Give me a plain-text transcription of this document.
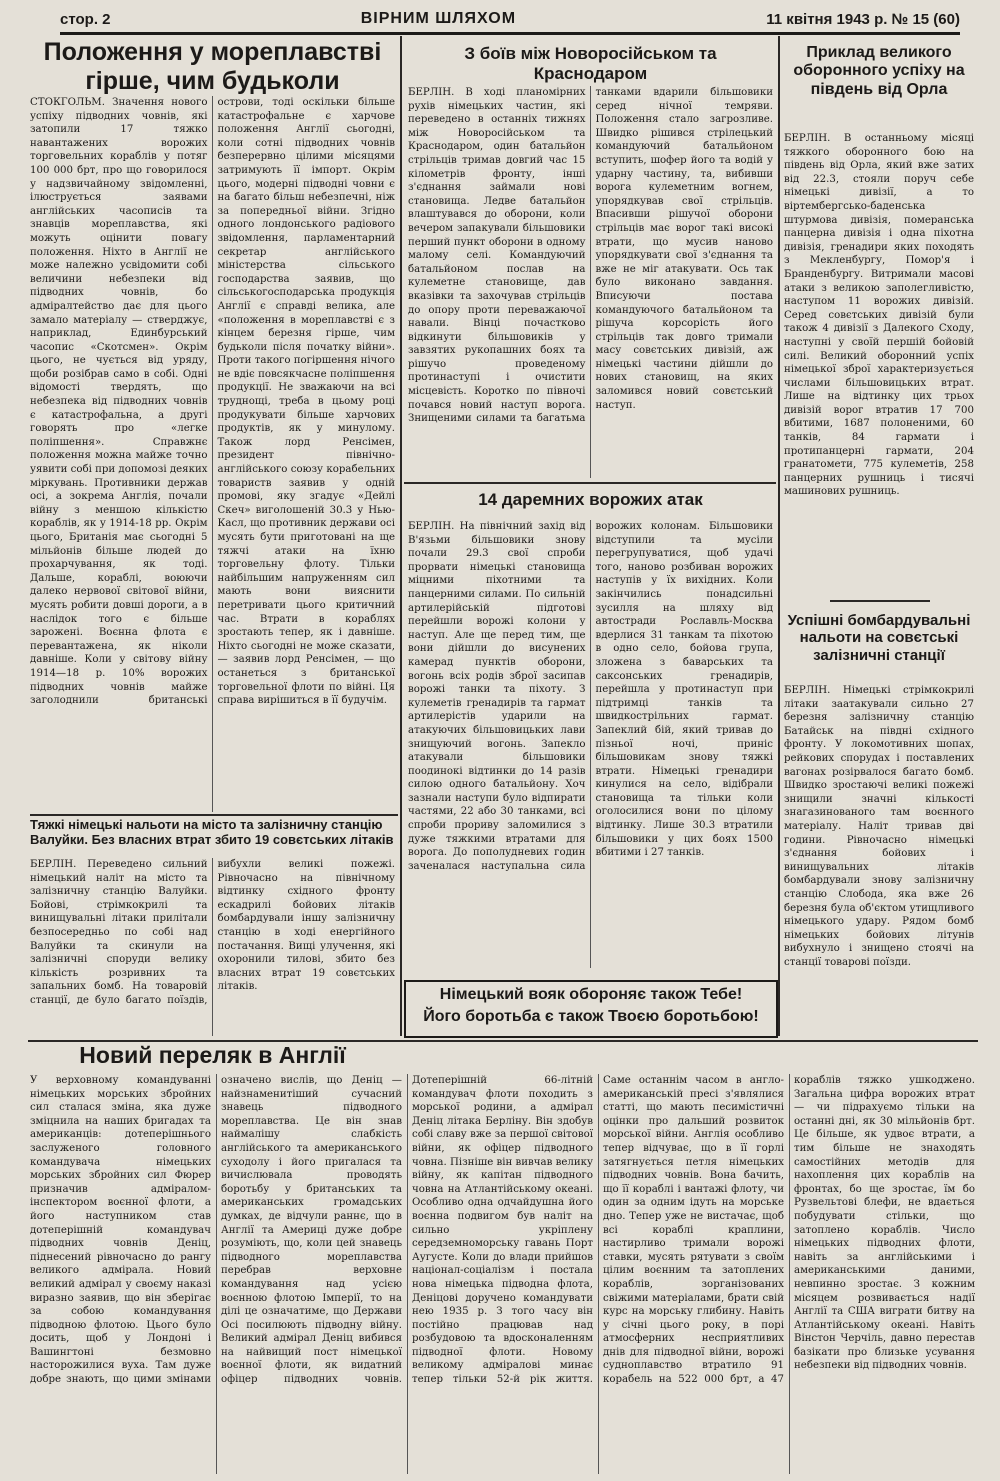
стор. 2	ВІРНИМ ШЛЯХОМ	11 квітня 1943 р. № 15 (60)
Положення у мореплавстві гірше, чим будьколи
СТОКГОЛЬМ. Значення нового успіху підводних човнів, які затопили 17 тяжко навантажених ворожих торговельних кораблів у потяг 100 000 брт, про що говорилося у надзвичайному звідомленні, ілюструється заявами англійських часописів та знавців мореплавства, які можуть оцінити повагу положення. Ніхто в Англії не може належно усвідомити собі величини небезпеки від підводних човнів, бо адміралтейство дає для цього замало матеріалу — стверджує, наприклад, Единбурський часопис «Скотсмен». Окрім цього, не чується від уряду, щоби розібрав само в собі. Одні відомості твердять, що небезпека від підводних човнів є катастрофальна, а другі говорять про «легке поліпшення». Справжнє положення можна майже точно уявити собі при допомозі деяких міркувань. Противники держав осі, а зокрема Англія, почали війну з меншою кількістю кораблів, як у 1914-18 рр. Окрім цього, Британія має сьогодні 5 мільйонів більше людей до прохарчування, як тоді. Дальше, кораблі, воюючи далеко нервової світової війни, мусять робити довші дороги, а в наслідок того є більше зарожені. Воєнна флота є перевантажена, як ніколи давніше. Коли у світову війну 1914—18 р. 10% ворожих підводних човнів майже заголоднили британські острови, тоді оскільки більше катастрофальне є харчове положення Англії сьогодні, коли сотні підводних човнів безперервно цілими місяцями затримують її імпорт. Окрім цього, модерні підводні човни є на багато більш небезпечні, ніж за попередньої війни. Згідно одного лондонського радіового звідомлення, парламентарний секретар англійського міністерства сільського господарства заявив, що сільськогосподарська продукція Англії є справді велика, але «положення в мореплавстві є з кінцем березня гірше, чим будьколи після початку війни». Проти такого погіршення нічого не вдіє повсякчасне поліпшення продукції. Не зважаючи на всі труднощі, треба в цьому році продукувати більше харчових продуктів, як у минулому. Також лорд Ренсімен, президент північно-англійського союзу корабельних товариств заявив у одній промові, яку згадує «Дейлі Скеч» виголошеній 30.3 у Нью-Касл, що противник держави осі мусять бути приготовані на ще тяжчі атаки на їхню торговельну флоту. Тільки найбільшим напруженням сил мають вони вияснити перетривати цього критичний час. Втрати в кораблях зростають тепер, як і давніше. Ніхто сьогодні не може сказати, — заявив лорд Ренсімен, — що останеться з британської торговельної флоти по війні. Ця справа вирішиться в її будучім.
Тяжкі німецькі нальоти на місто та залізничну станцію Валуйки. Без власних втрат збито 19 совєтських літаків
БЕРЛІН. Переведено сильний німецький наліт на місто та залізничну станцію Валуйки. Бойові, стрімкокрилі та винищувальні літаки прилітали безпосередньо по собі над Валуйки та скинули на залізничні споруди велику кількість розривних та запальних бомб. На товаровій станції, де було багато поїздів, вибухли великі пожежі. Рівночасно на північному відтинку східного фронту ескадрилі бойових літаків бомбардували іншу залізничну станцію в ході енергійного постачання. Вищі улучення, які охоронили тилові, збито без власних втрат 19 совєтських літаків.
З боїв між Новоросійськом та Краснодаром
БЕРЛІН. В ході планомірних рухів німецьких частин, які переведено в останніх тижнях між Новоросійськом та Краснодаром, один батальйон стрільців тримав довгий час 15 кілометрів фронту, інші з'єднання займали нові становища. Ледве батальйон влаштувався до оборони, коли вечером запакували більшовики перший пункт оборони в одному малому селі. Командуючий батальйоном послав на кулеметне становище, дав вказівки та захочував стрільців до опору проти переважаючої навали. Вінці почастково відкинути більшовиків у завзятих рукопашних боях та рішучо проведеному протинаступі і очистити місцевість. Коротко по півночі почався новий наступ ворога. Знищеними силами та багатьма танками вдарили більшовики серед нічної темряви. Положення стало загрозливе. Швидко рішився стрілецький командуючий батальйоном вступить, шофер його та водій у ударну частину, та, вибивши ворога кулеметним вогнем, упорядкував свої стрільців. Впасивши рішучої оборони стрільців має ворог такі високі втрати, що мусив наново упорядкувати свої з'єднання та вже не міг атакувати. Ось так було виконано завдання. Вписуючи постава командуючого батальйоном та рішуча корсорість його стрільців так довго тримали масу совєтських дивізій, аж німецькі частини дійшли до нових становищ, на яких заломився новий совєтський наступ.
14 даремних ворожих атак
БЕРЛІН. На північний захід від В'язьми більшовики знову почали 29.3 свої спроби прорвати німецькі становища міцними піхотними та панцерними силами. По сильній артилерійській підготові перейшли ворожі колони у наступ. Але ще перед тим, ще вони дійшли до висунених камерад пунктів оборони, вогонь всіх родів зброї засипав ворожі танки та піхоту. З кулеметів гренадирів та гармат артилерістів ударили на атакуючих більшовицьких лави знищуючий вогонь. Запекло атакували більшовики поодинокі відтинки до 14 разів силою одного батальйону. Хоч зазнали наступи було відпирати частями, 22 або 30 танками, всі спроби прориву заломилися з дуже тяжкими втратами для ворога. До пополудневих годин заченалася наступальна сила ворожих колонам. Більшовики відступили та мусіли перегрупуватися, щоб удачі того, наново розбиван ворожих наступів у їх вихідних. Коли закінчились понадсильні зусилля на шляху від автостради Рославль-Москва вдерлися 31 танкам та піхотою в одно село, бойова група, зложена з баварських та саксонських гренадирів, перейшла у протинаступ при підтримці танків та швидкострільних гармат. Запеклий бій, який тривав до пізньої ночі, приніс більшовикам знову тяжкі втрати. Німецькі гренадири кинулися на село, відібрали становища та тільки коли оголосилися вони по цілому відтинку. Лише 30.3 втратили більшовики у цих боях 1500 вбитими і 27 танків.
Німецький вояк обороняє також Тебе!
Його боротьба є також Твоєю боротьбою!
Приклад великого оборонного успіху на південь від Орла
БЕРЛІН. В останньому місяці тяжкого оборонного бою на південь від Орла, який вже затих від 22.3, стояли поруч себе німецькі дивізії, а то віртембергсько-баденська штурмова дивізія, померанська панцерна дивізія і одна піхотна дивізія, гренадири яких походять з Мекленбургу, Помор'я і Бранденбургу. Витримали масові атаки з великою заполегливістю, наступом 11 ворожих дивізій. Серед совєтських дивізій були також 4 дивізії з Далекого Сходу, наступні у своїй першій бойовій силі. Великий оборонний успіх німецької зброї характеризується числами більшовицьких втрат. Лише на відтинку цих трьох дивізій ворог втратив 17 700 вбитими, 1687 полоненими, 60 танків, 84 гармати і протипанцерні гармати, 204 гранатомети, 775 кулеметів, 258 панцерних рушниць і тисячі машинових рушниць.
Успішні бомбардувальні нальоти на совєтські залізничні станції
БЕРЛІН. Німецькі стрімкокрилі літаки заатакували сильно 27 березня залізничну станцію Батайськ на півдні східного фронту. У локомотивних шопах, рейкових спорудах і поставлених вагонах розірвалося багато бомб. Швидко зростаючі великі пожежі знищили значні кількості знагазинованого там воєнного матеріалу. Наліт тривав дві години. Рівночасно німецькі з'єднання бойових і винищувальних літаків бомбардували знову залізничну станцію Слобода, яка вже 26 березня була об'єктом утищливого німецького удару. Рядом бомб німецьких бойових літунів вибухнуло і знищено стоячі на станції товарові поїзди.
Новий переляк в Англії
У верховному командуванні німецьких морських збройних сил сталася зміна, яка дуже зміцнила на наших бригадах та американців: дотеперішнього заслуженого головного командувача німецьких морських збройних сил Фюрер призначив адміралом-інспектором воєнної флоти, а його наступником став дотеперішній командувач підводних човнів Деніц, піднесений рівночасно до рангу великого адмірала. Новий великий адмірал у своєму наказі виразно заявив, що він зберігає за собою командування підводною флотою. Цього було досить, щоб у Лондоні і Вашингтоні безмовно насторожилися вуха. Там дуже добре знають, що цими змінами означено вислів, що Деніц — найзнаменитіший сучасний знавець підводного мореплавства. Це він знав наймалішу слабкість англійського та американського суходолу і його пригалася та вичислювала проводять боротьбу у британських та американських громадських думках, де відчули раннє, що в Англії та Америці дуже добре розуміють, що, коли цей знавець підводного мореплавства перебрав верховне командування над усією воєнною флотою Імперії, то на ділі це означатиме, що Держави Осі посилюють підводну війну. Великий адмірал Деніц вибився на найвищий пост німецької воєнної флоти, як видатний офіцер підводних човнів. Дотеперішній 66-літній командувач флоти походить з морської родини, а адмірал Деніц літака Берліну. Він здобув собі славу вже за першої світової війни, як офіцер підводного човна. Пізніше він вивчав велику війну, як капітан підводного човна на Атлантійському океані. Особливо одна одчайдушна його воєнна подвигом був наліт на сильно укріплену середземноморську гавань Порт Аугусте. Коли до влади прийшов націонал-соціалізм і постала нова німецька підводна флота, Деніцові доручено командувати нею 1935 р. З того часу він постійно працював над розбудовою та вдосконаленням підводної флоти. Новому великому адміралові минає тепер тільки 52-й рік життя. Саме останнім часом в англо-американській пресі з'являлися статті, що мають песимістичні оцінки про дальший розвиток морської війни. Англія особливо тепер відчуває, що в її горлі затягнується петля німецьких підводних човнів. Вона бачить, що її кораблі і вантажі флоту, чи один за одним ідуть на морське дно. Тепер уже не вистачає, щоб всі кораблі краплини, настирливо тримали ворожі ставки, мусять рятувати з своїм цілим воєнним та затоплених кораблів, зорганізованих свіжими матеріалами, брати свій курс на морську глибину. Навіть у січні цього року, в порі атмосферних несприятливих днів для підводної війни, ворожі судноплавство втратило 91 корабель на 522 000 брт, а 47 кораблів тяжко ушкоджено. Загальна цифра ворожих втрат — чи підрахуємо тільки на останні дні, як 30 мільйонів брт. Це більше, як удвоє втрати, а тим більше не знаходять самостійних методів для нахоплення цих кораблів на фронтах, бо ще зростає, їм бо Рузвельтові блефи, не вдається побудувати стільки, що затоплено кораблів. Число німецьких підводних флоти, навіть за англійськими і американськими даними, невпинно зростає. З кожним місяцем розвивається надії Англії та США виграти битву на Атлантійському океані. Навіть Вінстон Черчіль, давно перестав базікати про близьке усування небезпеки від підводних човнів.
